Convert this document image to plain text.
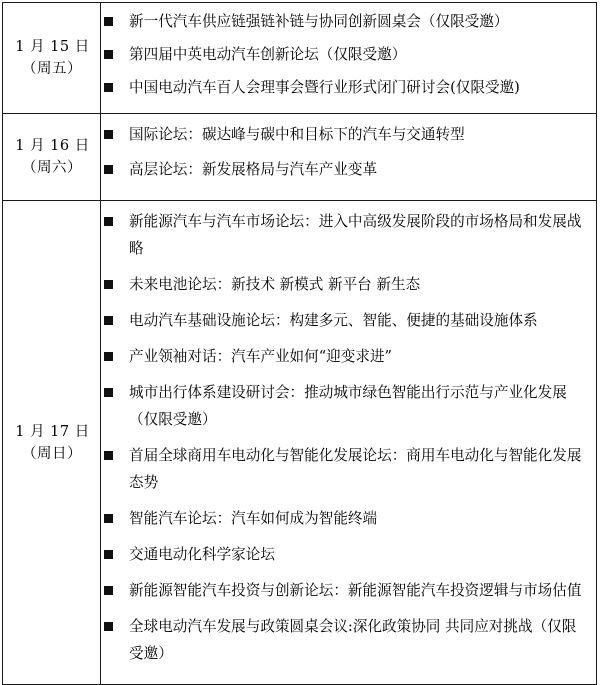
1 月 15 日
（周五）

新一代汽车供应链强链补链与协同创新圆桌会（仅限受邀）
第四届中英电动汽车创新论坛（仅限受邀）
中国电动汽车百人会理事会暨行业形式闭门研讨会(仅限受邀)

1 月 16 日
（周六）

国际论坛：碳达峰与碳中和目标下的汽车与交通转型
高层论坛：新发展格局与汽车产业变革

1 月 17 日
（周日）

新能源汽车与汽车市场论坛：进入中高级发展阶段的市场格局和发展战略
未来电池论坛：新技术 新模式 新平台 新生态
电动汽车基础设施论坛：构建多元、智能、便捷的基础设施体系
产业领袖对话：汽车产业如何“迎变求进”
城市出行体系建设研讨会：推动城市绿色智能出行示范与产业化发展（仅限受邀）
首届全球商用车电动化与智能化发展论坛：商用车电动化与智能化发展态势
智能汽车论坛：汽车如何成为智能终端
交通电动化科学家论坛
新能源智能汽车投资与创新论坛：新能源智能汽车投资逻辑与市场估值
全球电动汽车发展与政策圆桌会议:深化政策协同 共同应对挑战（仅限受邀）
